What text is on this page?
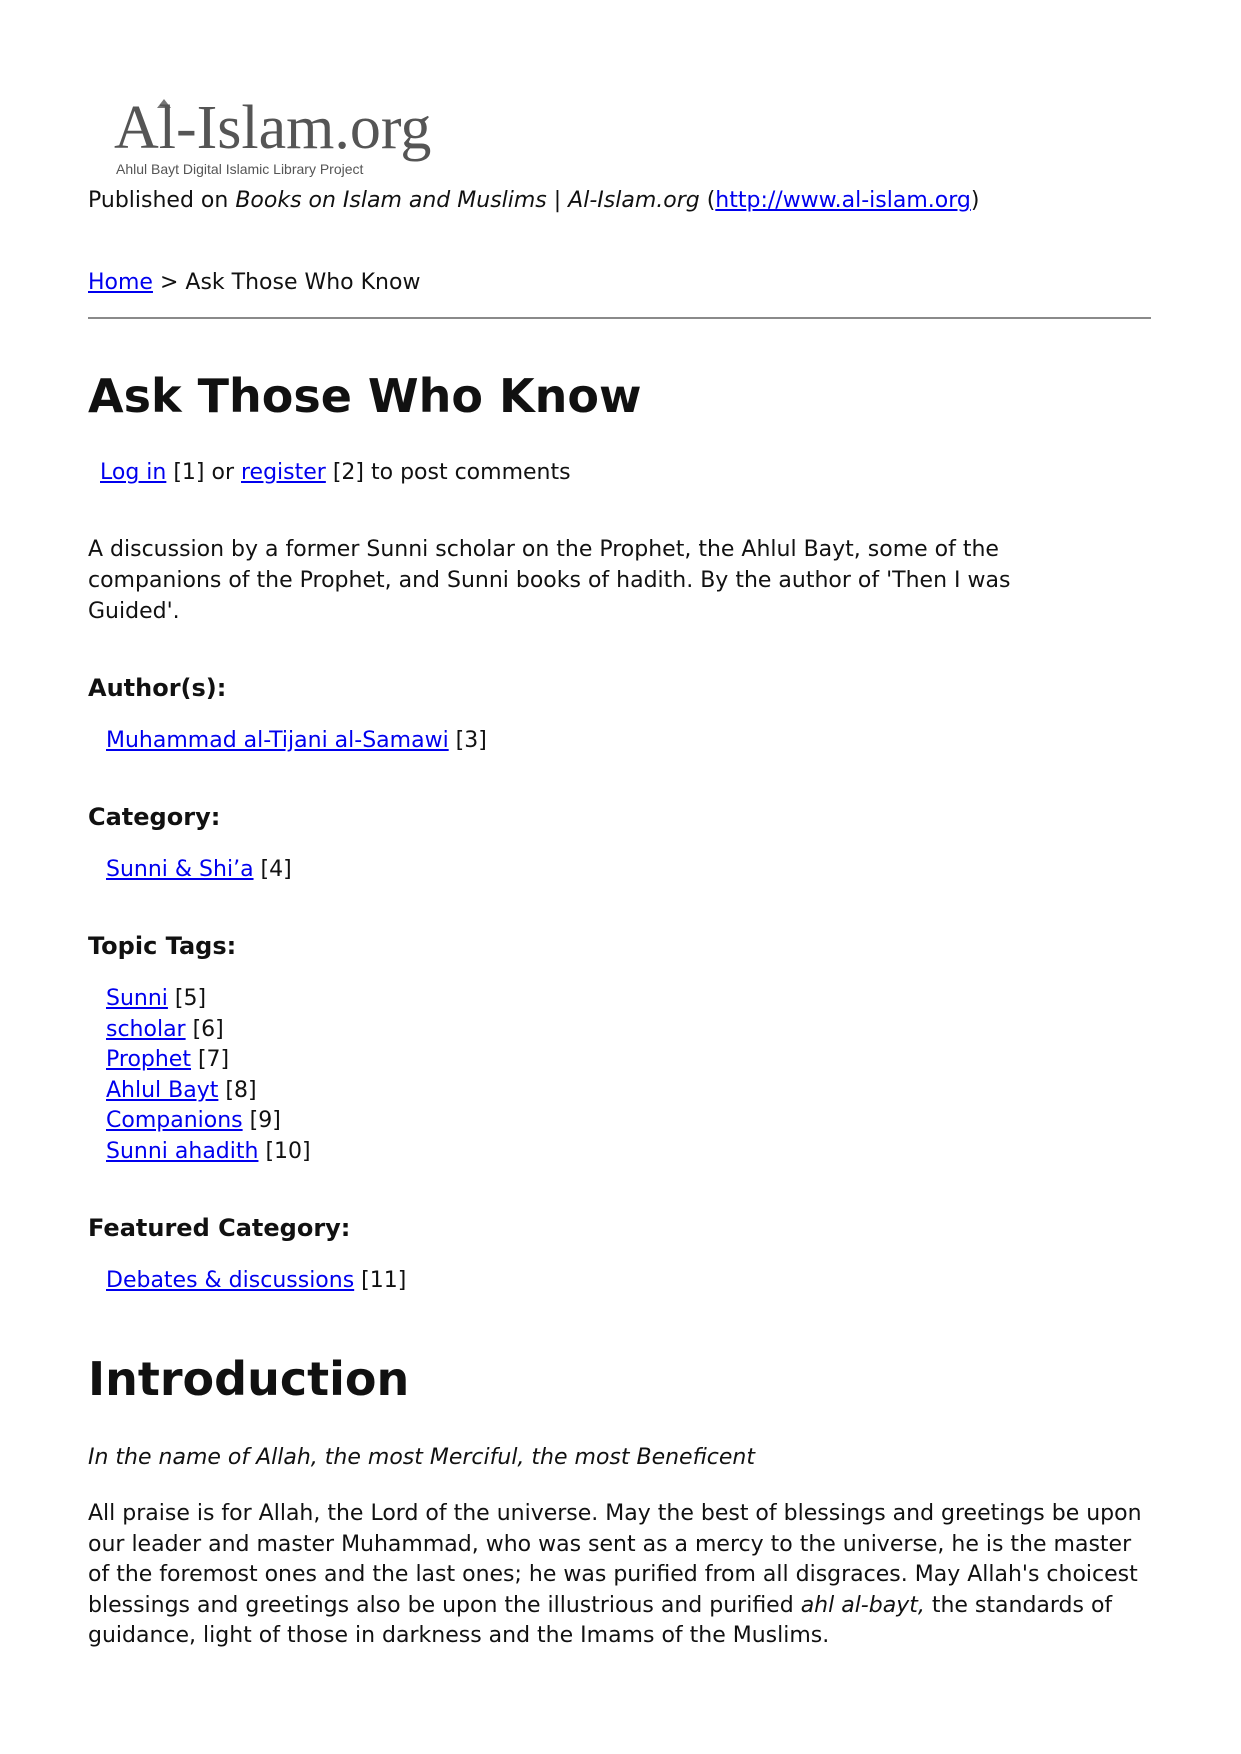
Al-Islam.org
Ahlul Bayt Digital Islamic Library Project
Published on Books on Islam and Muslims | Al-Islam.org (http://www.al-islam.org)
Home > Ask Those Who Know
Ask Those Who Know
Log in [1] or register [2] to post comments

A discussion by a former Sunni scholar on the Prophet, the Ahlul Bayt, some of the companions of the Prophet, and Sunni books of hadith. By the author of 'Then I was Guided'.

Author(s):
Muhammad al-Tijani al-Samawi [3]
Category:
Sunni & Shi’a [4]
Topic Tags:
Sunni [5]
scholar [6]
Prophet [7]
Ahlul Bayt [8]
Companions [9]
Sunni ahadith [10]
Featured Category:
Debates & discussions [11]
Introduction
In the name of Allah, the most Merciful, the most Beneficent

All praise is for Allah, the Lord of the universe. May the best of blessings and greetings be upon our leader and master Muhammad, who was sent as a mercy to the universe, he is the master of the foremost ones and the last ones; he was purified from all disgraces. May Allah's choicest blessings and greetings also be upon the illustrious and purified ahl al-bayt, the standards of guidance, light of those in darkness and the Imams of the Muslims.
